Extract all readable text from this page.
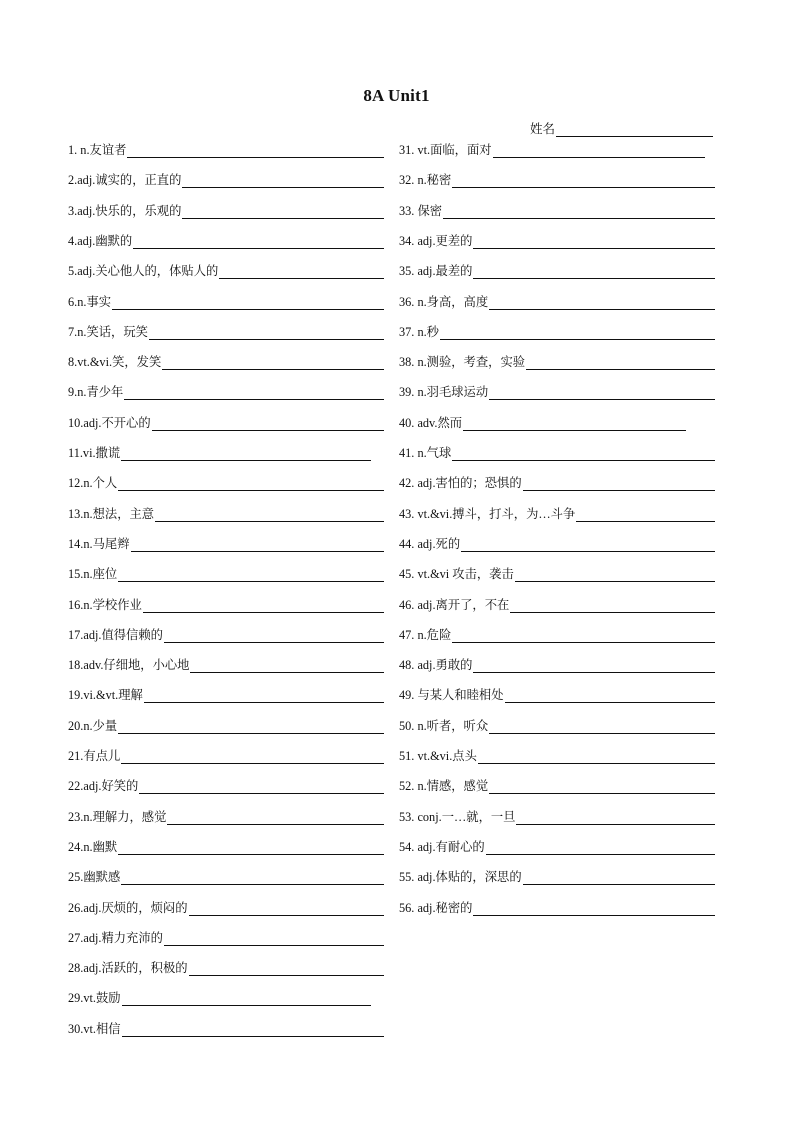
8A Unit1
姓名
1. n.友谊者
2.adj.诚实的，正直的
3.adj.快乐的，乐观的
4.adj.幽默的
5.adj.关心他人的，体贴人的
6.n.事实
7.n.笑话，玩笑
8.vt.&vi.笑，发笑
9.n.青少年
10.adj.不开心的
11.vi.撒谎
12.n.个人
13.n.想法，主意
14.n.马尾辫
15.n.座位
16.n.学校作业
17.adj.值得信赖的
18.adv.仔细地，小心地
19.vi.&vt.理解
20.n.少量
21.有点儿
22.adj.好笑的
23.n.理解力，感觉
24.n.幽默
25.幽默感
26.adj.厌烦的，烦闷的
27.adj.精力充沛的
28.adj.活跃的，积极的
29.vt.鼓励
30.vt.相信
31. vt.面临，面对
32. n.秘密
33. 保密
34. adj.更差的
35. adj.最差的
36. n.身高，高度
37. n.秒
38. n.测验，考查，实验
39. n.羽毛球运动
40. adv.然而
41. n.气球
42. adj.害怕的；恐惧的
43. vt.&vi.搏斗，打斗，为…斗争
44. adj.死的
45. vt.&vi 攻击，袭击
46. adj.离开了，不在
47. n.危险
48. adj.勇敢的
49. 与某人和睦相处
50. n.听者，听众
51. vt.&vi.点头
52. n.情感，感觉
53. conj.一…就，一旦
54. adj.有耐心的
55. adj.体贴的，深思的
56. adj.秘密的
